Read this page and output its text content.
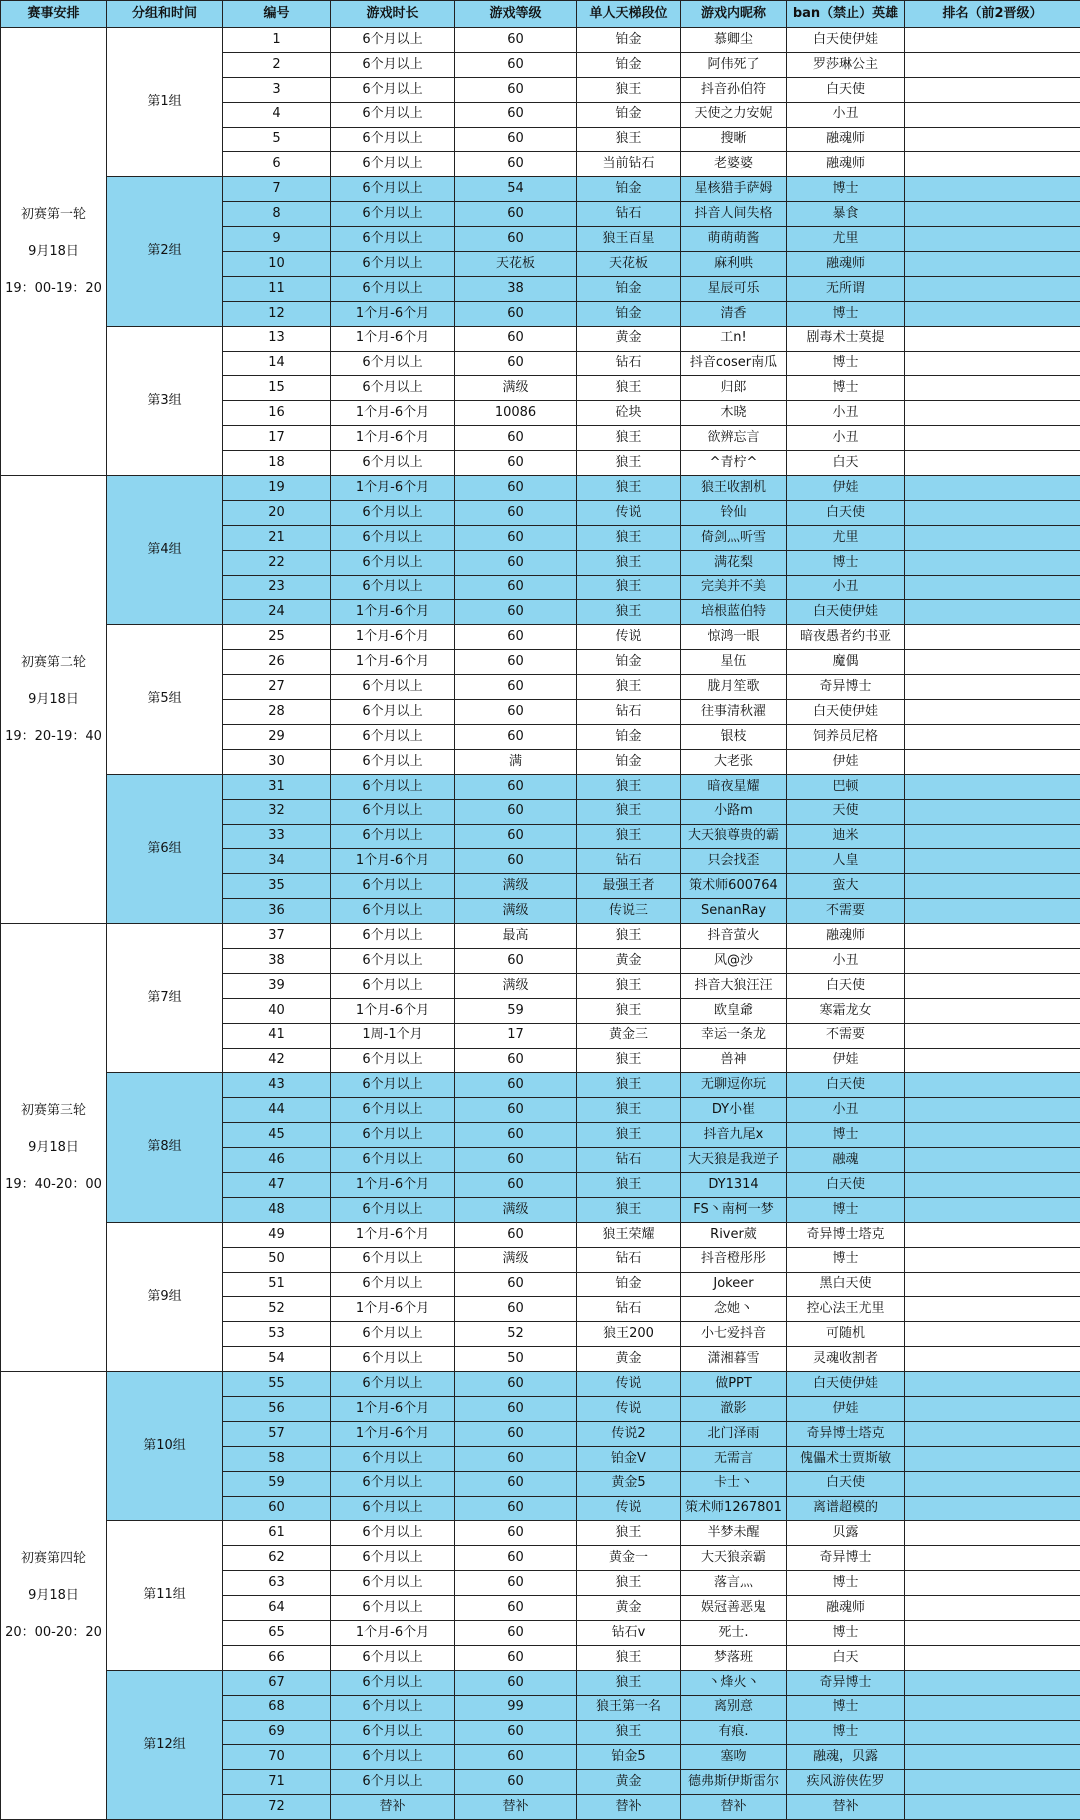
赛事安排	分组和时间	编号	游戏时长	游戏等级	单人天梯段位	游戏内昵称	ban（禁止）英雄	排名（前2晋级）

初赛第一轮
9月18日
19：00-19：20	第1组	1	6个月以上	60	铂金	慕卿尘	白天使伊娃	
		2	6个月以上	60	铂金	阿伟死了	罗莎琳公主	
		3	6个月以上	60	狼王	抖音孙伯符	白天使	
		4	6个月以上	60	铂金	天使之力安妮	小丑	
		5	6个月以上	60	狼王	搜晰	融魂师	
		6	6个月以上	60	当前钻石	老婆婆	融魂师	
	第2组	7	6个月以上	54	铂金	星核猎手萨姆	博士	
		8	6个月以上	60	钻石	抖音人间失格	暴食	
		9	6个月以上	60	狼王百星	萌萌萌酱	尤里	
		10	6个月以上	天花板	天花板	麻利哄	融魂师	
		11	6个月以上	38	铂金	星辰可乐	无所谓	
		12	1个月-6个月	60	铂金	清香	博士	
	第3组	13	1个月-6个月	60	黄金	工n!	剧毒术士莫提	
		14	6个月以上	60	钻石	抖音coser南瓜	博士	
		15	6个月以上	满级	狼王	归郎	博士	
		16	1个月-6个月	10086	砼块	木晓	小丑	
		17	1个月-6个月	60	狼王	欲辨忘言	小丑	
		18	6个月以上	60	狼王	^青柠^	白天	

初赛第二轮
9月18日
19：20-19：40	第4组	19	1个月-6个月	60	狼王	狼王收割机	伊娃	
		20	6个月以上	60	传说	铃仙	白天使	
		21	6个月以上	60	狼王	倚剑灬听雪	尤里	
		22	6个月以上	60	狼王	满花梨	博士	
		23	6个月以上	60	狼王	完美并不美	小丑	
		24	1个月-6个月	60	狼王	培根蓝伯特	白天使伊娃	
	第5组	25	1个月-6个月	60	传说	惊鸿一眼	暗夜愚者约书亚	
		26	1个月-6个月	60	铂金	星伍	魔偶	
		27	6个月以上	60	狼王	胧月笙歌	奇异博士	
		28	6个月以上	60	钻石	往事清秋濯	白天使伊娃	
		29	6个月以上	60	铂金	银枝	饲养员尼格	
		30	6个月以上	满	铂金	大老张	伊娃	
	第6组	31	6个月以上	60	狼王	暗夜星耀	巴顿	
		32	6个月以上	60	狼王	小路m	天使	
		33	6个月以上	60	狼王	大天狼尊贵的霸	迪米	
		34	1个月-6个月	60	钻石	只会找歪	人皇	
		35	6个月以上	满级	最强王者	策术师600764	蛮大	
		36	6个月以上	满级	传说三	SenanRay	不需要	

初赛第三轮
9月18日
19：40-20：00	第7组	37	6个月以上	最高	狼王	抖音萤火	融魂师	
		38	6个月以上	60	黄金	风@沙	小丑	
		39	6个月以上	满级	狼王	抖音大狼汪汪	白天使	
		40	1个月-6个月	59	狼王	欧皇爺	寒霜龙女	
		41	1周-1个月	17	黄金三	幸运一条龙	不需要	
		42	6个月以上	60	狼王	兽神	伊娃	
	第8组	43	6个月以上	60	狼王	无聊逗你玩	白天使	
		44	6个月以上	60	狼王	DY小崔	小丑	
		45	6个月以上	60	狼王	抖音九尾x	博士	
		46	6个月以上	60	钻石	大天狼是我逆子	融魂	
		47	1个月-6个月	60	狼王	DY1314	白天使	
		48	6个月以上	满级	狼王	FS丶南柯一梦	博士	
	第9组	49	1个月-6个月	60	狼王荣耀	River葳	奇异博士塔克	
		50	6个月以上	满级	钻石	抖音橙彤彤	博士	
		51	6个月以上	60	铂金	Jokeer	黑白天使	
		52	1个月-6个月	60	钻石	念她丶	控心法王尤里	
		53	6个月以上	52	狼王200	小七爱抖音	可随机	
		54	6个月以上	50	黄金	潇湘暮雪	灵魂收割者	

初赛第四轮
9月18日
20：00-20：20	第10组	55	6个月以上	60	传说	做PPT	白天使伊娃	
		56	1个月-6个月	60	传说	澈影	伊娃	
		57	1个月-6个月	60	传说2	北门泽雨	奇异博士塔克	
		58	6个月以上	60	铂金V	无需言	傀儡术士贾斯敏	
		59	6个月以上	60	黄金5	卡士丶	白天使	
		60	6个月以上	60	传说	策术师1267801	离谱超模的	
	第11组	61	6个月以上	60	狼王	半梦未醒	贝露	
		62	6个月以上	60	黄金一	大天狼亲霸	奇异博士	
		63	6个月以上	60	狼王	落言灬	博士	
		64	6个月以上	60	黄金	娱冠善恶鬼	融魂师	
		65	1个月-6个月	60	钻石v	死士.	博士	
		66	6个月以上	60	狼王	梦落班	白天	
	第12组	67	6个月以上	60	狼王	丶烽火丶	奇异博士	
		68	6个月以上	99	狼王第一名	离别意	博士	
		69	6个月以上	60	狼王	有痕.	博士	
		70	6个月以上	60	铂金5	塞吻	融魂，贝露	
		71	6个月以上	60	黄金	德弗斯伊斯雷尔	疾风游侠佐罗	
		72	替补	替补	替补	替补	替补	
